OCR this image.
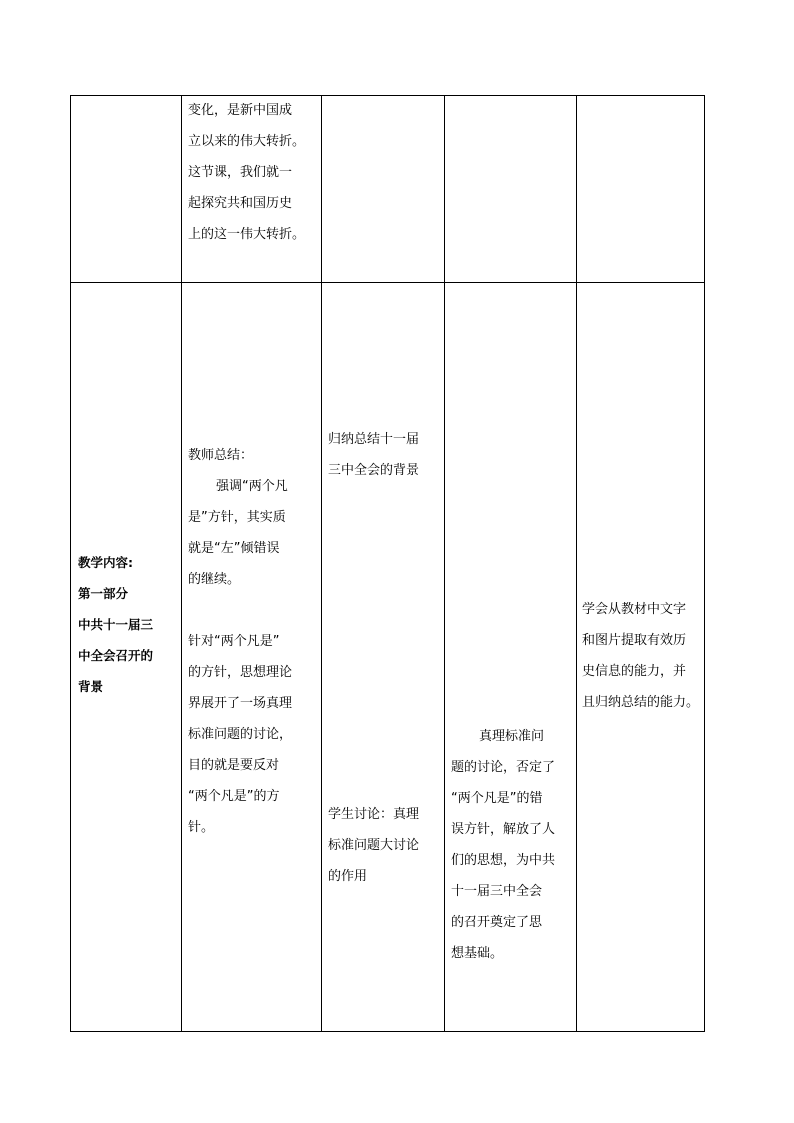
变化，是新中国成

立以来的伟大转折。

这节课，我们就一

起探究共和国历史

上的这一伟大转折。

教学内容:

第一部分

中共十一届三

中全会召开的

背景

教师总结：

强调“两个凡

是”方针，其实质

就是“左”倾错误

的继续。

针对“两个凡是”

的方针，思想理论

界展开了一场真理

标准问题的讨论，

目的就是要反对

“两个凡是”的方

针。

归纳总结十一届

三中全会的背景

学生讨论：真理

标准问题大讨论

的作用

真理标准问

题的讨论，否定了

“两个凡是”的错

误方针，解放了人

们的思想，为中共

十一届三中全会

的召开奠定了思

想基础。

学会从教材中文字

和图片提取有效历

史信息的能力，并

且归纳总结的能力。
